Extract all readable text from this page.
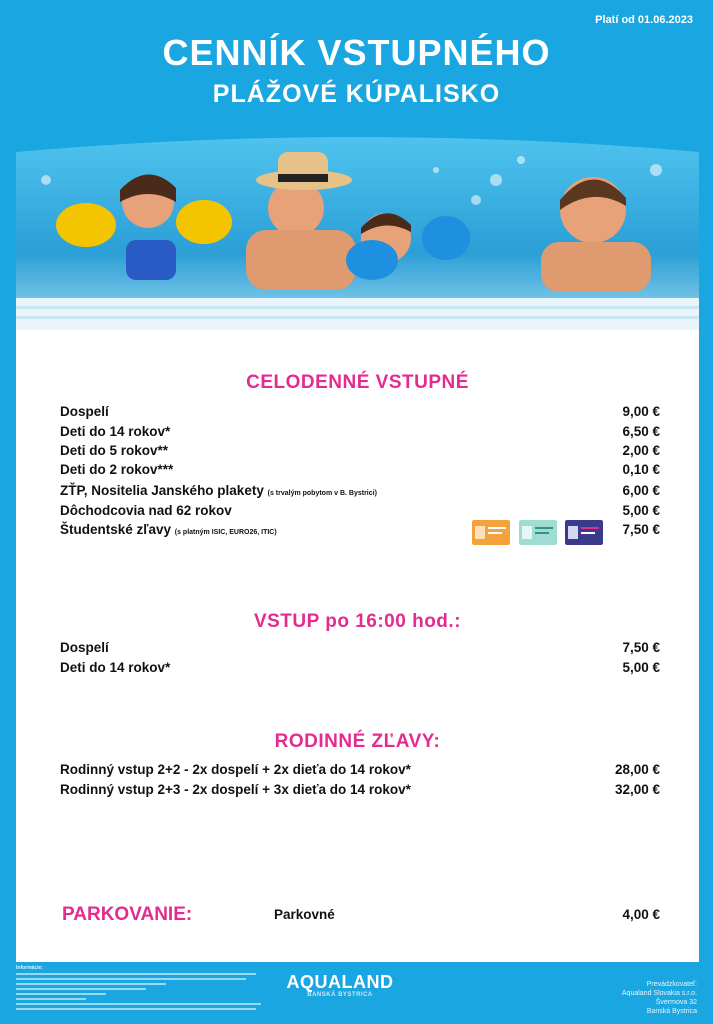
Platí od 01.06.2023
CENNÍK VSTUPNÉHO
PLÁŽOVÉ KÚPALISKO
CELODENNÉ VSTUPNÉ
Dospelí	9,00 €
Deti do 14 rokov*	6,50 €
Deti do 5 rokov**	2,00 €
Deti do 2 rokov***	0,10 €
ZŤP, Nositelia Janského plakety (s trvalým pobytom v B. Bystrici)	6,00 €
Dôchodcovia nad 62 rokov	5,00 €
Študentské zľavy (s platným ISIC, EURO26, ITIC)	7,50 €
VSTUP po 16:00 hod.:
Dospelí	7,50 €
Deti do 14 rokov*	5,00 €
RODINNÉ ZĽAVY:
Rodinný vstup 2+2 - 2x dospelí + 2x dieťa do 14 rokov*	28,00 €
Rodinný vstup 2+3 - 2x dospelí + 3x dieťa do 14 rokov*	32,00 €
PARKOVANIE:	Parkovné	4,00 €
Informácie:
AQUALAND
BANSKÁ BYSTRICA
Prevádzkovateľ:
Aqualand Slovakia s.r.o.
Švermova 32
Banská Bystrica
